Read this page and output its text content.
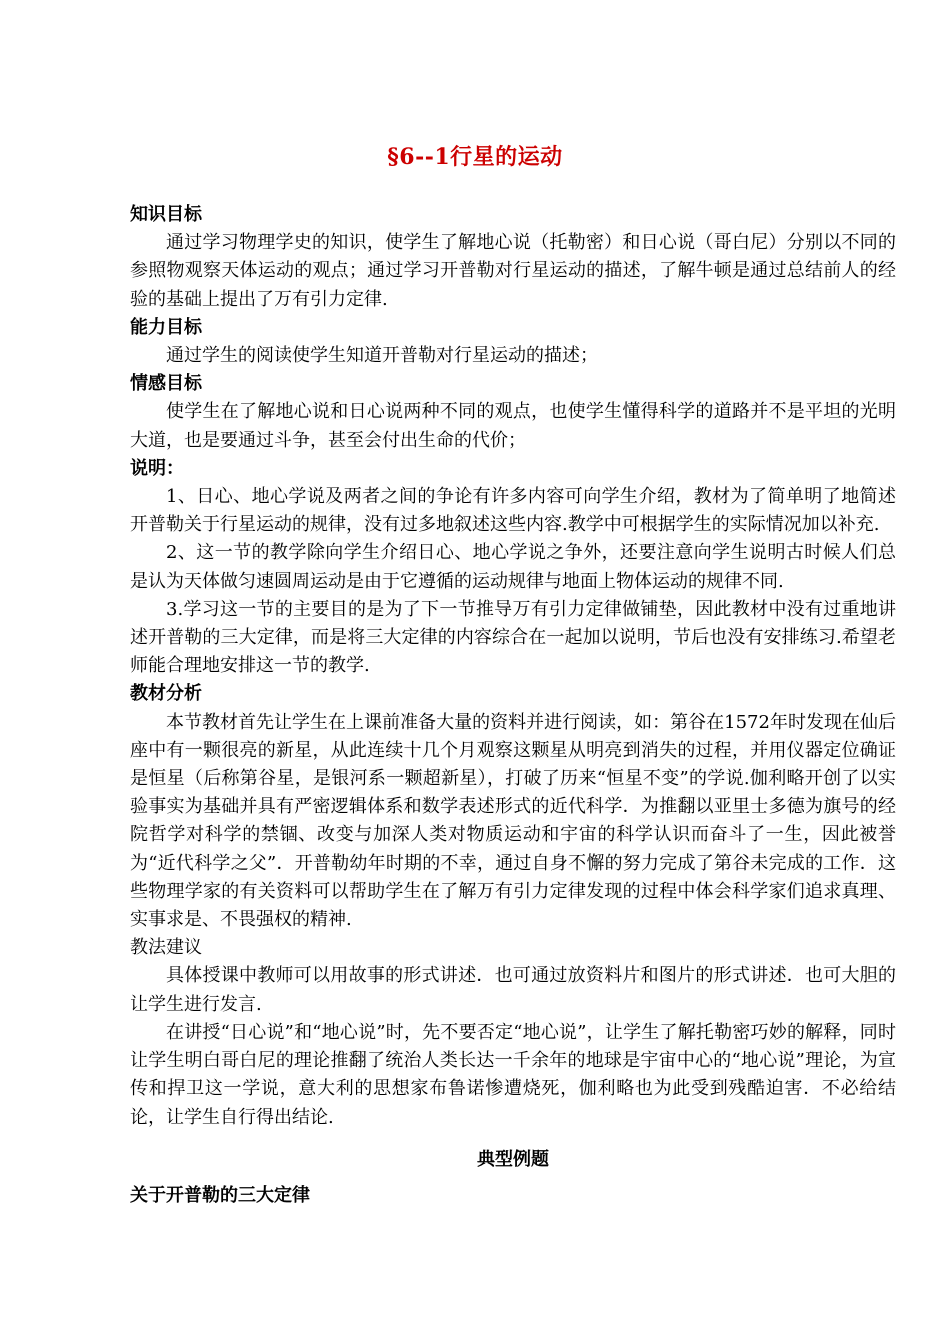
§6--1行星的运动

知识目标

通过学习物理学史的知识，使学生了解地心说（托勒密）和日心说（哥白尼）分别以不同的参照物观察天体运动的观点；通过学习开普勒对行星运动的描述，了解牛顿是通过总结前人的经验的基础上提出了万有引力定律.

能力目标

通过学生的阅读使学生知道开普勒对行星运动的描述；

情感目标

使学生在了解地心说和日心说两种不同的观点，也使学生懂得科学的道路并不是平坦的光明大道，也是要通过斗争，甚至会付出生命的代价；

说明：

1、日心、地心学说及两者之间的争论有许多内容可向学生介绍，教材为了简单明了地简述开普勒关于行星运动的规律，没有过多地叙述这些内容.教学中可根据学生的实际情况加以补充.

2、这一节的教学除向学生介绍日心、地心学说之争外，还要注意向学生说明古时候人们总是认为天体做匀速圆周运动是由于它遵循的运动规律与地面上物体运动的规律不同.

3.学习这一节的主要目的是为了下一节推导万有引力定律做铺垫，因此教材中没有过重地讲述开普勒的三大定律，而是将三大定律的内容综合在一起加以说明，节后也没有安排练习.希望老师能合理地安排这一节的教学.

教材分析

本节教材首先让学生在上课前准备大量的资料并进行阅读，如：第谷在1572年时发现在仙后座中有一颗很亮的新星，从此连续十几个月观察这颗星从明亮到消失的过程，并用仪器定位确证是恒星（后称第谷星，是银河系一颗超新星），打破了历来“恒星不变”的学说.伽利略开创了以实验事实为基础并具有严密逻辑体系和数学表述形式的近代科学．为推翻以亚里士多德为旗号的经院哲学对科学的禁锢、改变与加深人类对物质运动和宇宙的科学认识而奋斗了一生，因此被誉为“近代科学之父”．开普勒幼年时期的不幸，通过自身不懈的努力完成了第谷未完成的工作．这些物理学家的有关资料可以帮助学生在了解万有引力定律发现的过程中体会科学家们追求真理、实事求是、不畏强权的精神.

教法建议

具体授课中教师可以用故事的形式讲述．也可通过放资料片和图片的形式讲述．也可大胆的让学生进行发言.

在讲授“日心说”和“地心说”时，先不要否定“地心说”，让学生了解托勒密巧妙的解释，同时让学生明白哥白尼的理论推翻了统治人类长达一千余年的地球是宇宙中心的“地心说”理论，为宣传和捍卫这一学说，意大利的思想家布鲁诺惨遭烧死，伽利略也为此受到残酷迫害．不必给结论，让学生自行得出结论.

典型例题

关于开普勒的三大定律
